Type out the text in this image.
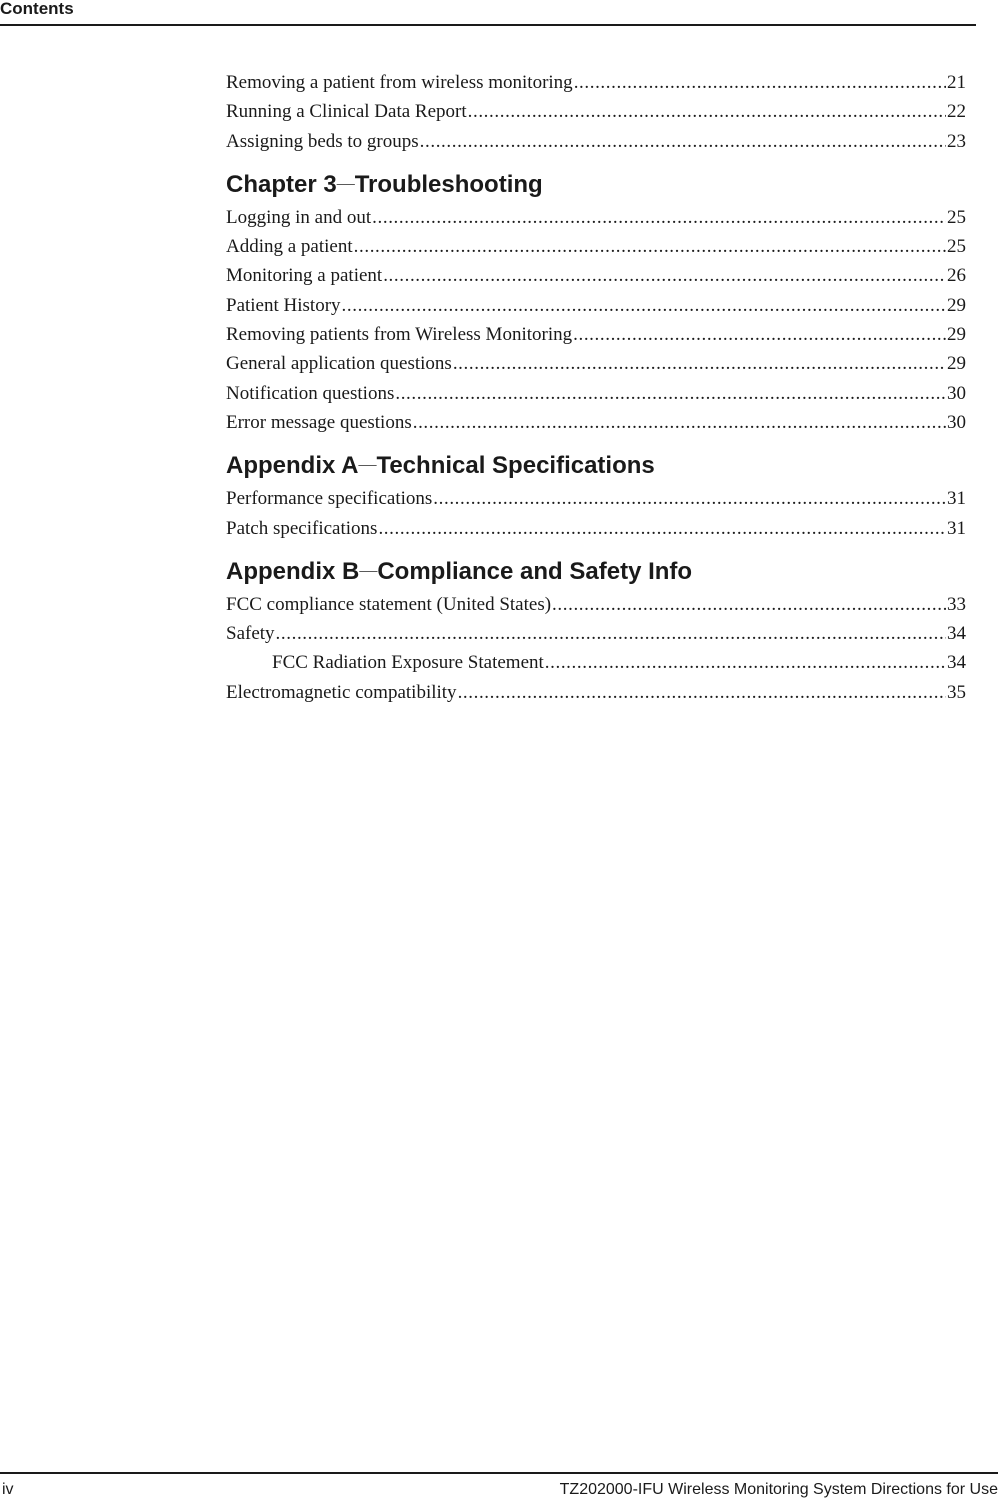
Contents
Removing a patient from wireless monitoring .....	21
Running a Clinical Data Report .....	22
Assigning beds to groups .....	23
Chapter 3—Troubleshooting
Logging in and out .....	25
Adding a patient .....	25
Monitoring a patient .....	26
Patient History .....	29
Removing patients from Wireless Monitoring .....	29
General application questions .....	29
Notification questions .....	30
Error message questions .....	30
Appendix A—Technical Specifications
Performance specifications .....	31
Patch specifications .....	31
Appendix B—Compliance and Safety Info
FCC compliance statement (United States) .....	33
Safety .....	34
FCC Radiation Exposure Statement .....	34
Electromagnetic compatibility .....	35
iv	TZ202000-IFU Wireless Monitoring System Directions for Use
